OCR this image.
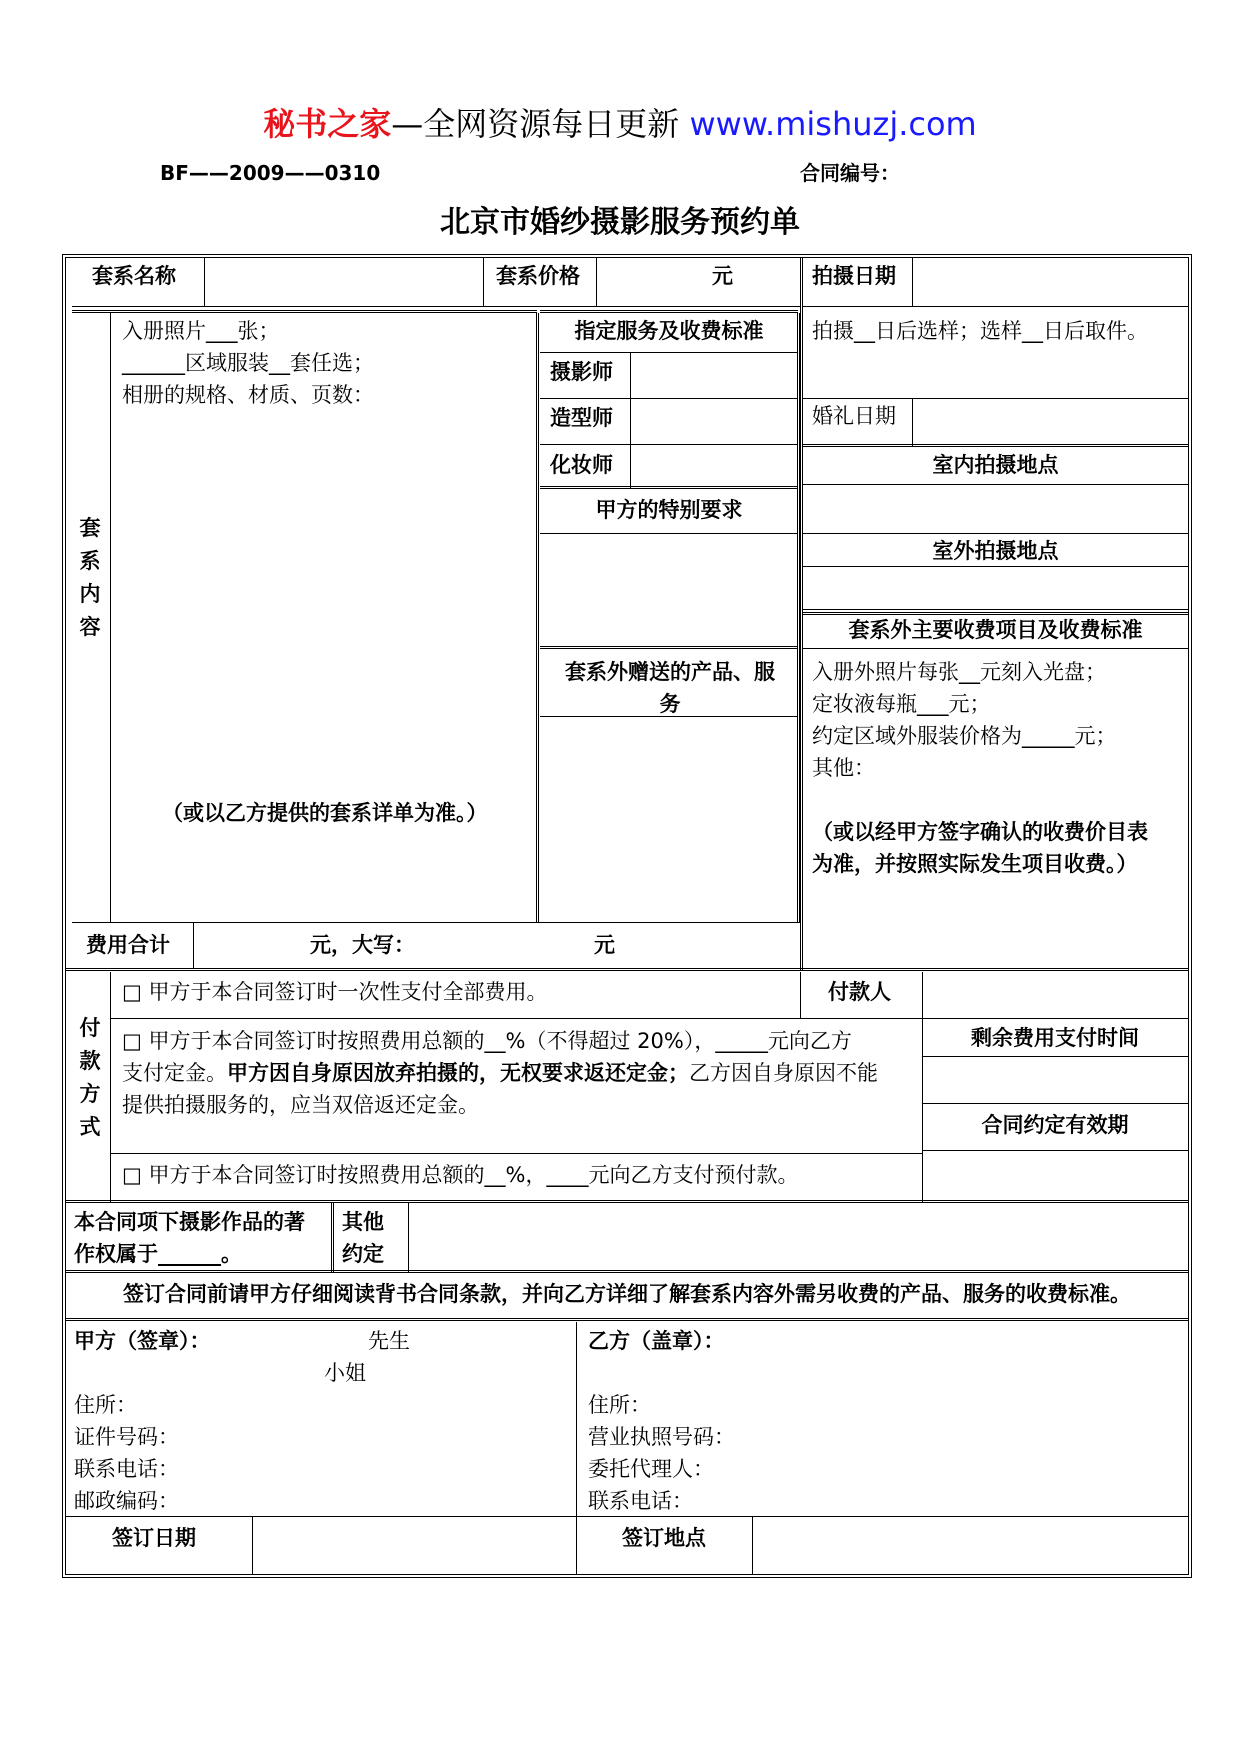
秘书之家—全网资源每日更新 www.mishuzj.com
BF——2009——0310	合同编号：
北京市婚纱摄影服务预约单
套系名称	套系价格	元	拍摄日期
套系内容
入册照片___张；
______区域服装__套任选；
相册的规格、材质、页数：
（或以乙方提供的套系详单为准。）
指定服务及收费标准
摄影师
造型师
化妆师
甲方的特别要求
套系外赠送的产品、服务
拍摄__日后选样；选样__日后取件。
婚礼日期
室内拍摄地点
室外拍摄地点
套系外主要收费项目及收费标准
入册外照片每张__元刻入光盘；
定妆液每瓶___元；
约定区域外服装价格为_____元；
其他：
（或以经甲方签字确认的收费价目表
为准，并按照实际发生项目收费。）
费用合计	元，大写：	元
付款方式
□ 甲方于本合同签订时一次性支付全部费用。	付款人
□ 甲方于本合同签订时按照费用总额的__%（不得超过 20%），_____元向乙方
支付定金。甲方因自身原因放弃拍摄的，无权要求返还定金；乙方因自身原因不能
提供拍摄服务的，应当双倍返还定金。
剩余费用支付时间
合同约定有效期
□ 甲方于本合同签订时按照费用总额的__%，____元向乙方支付预付款。
本合同项下摄影作品的著
作权属于______。
其他
约定
签订合同前请甲方仔细阅读背书合同条款，并向乙方详细了解套系内容外需另收费的产品、服务的收费标准。
甲方（签章）：	先生
小姐
住所：
证件号码：
联系电话：
邮政编码：
乙方（盖章）：
住所：
营业执照号码：
委托代理人：
联系电话：
签订日期	签订地点
